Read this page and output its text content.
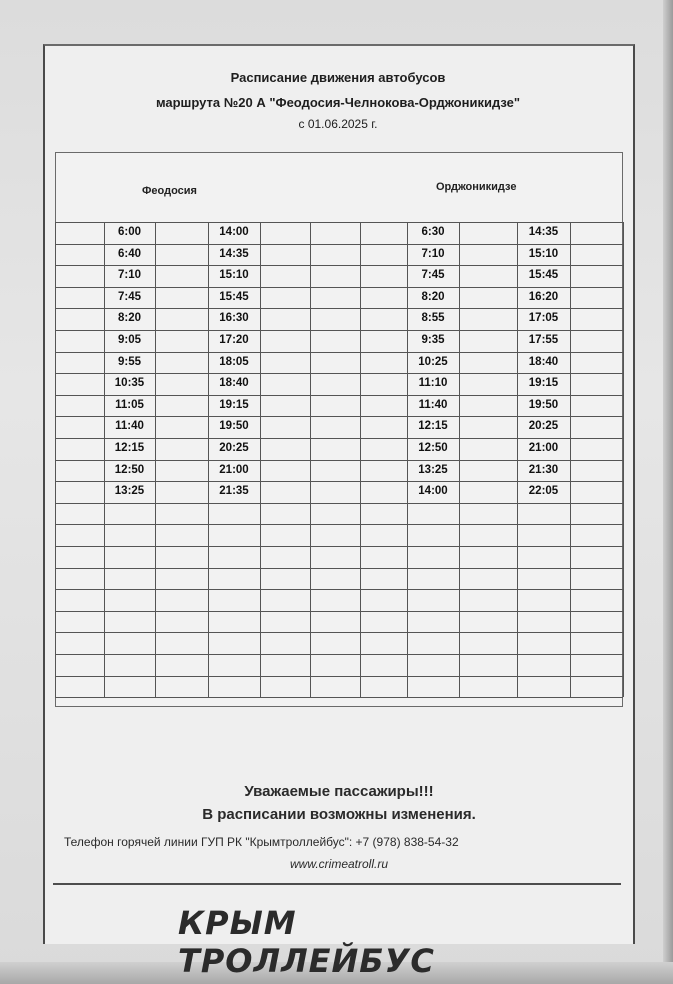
Расписание движения автобусов
маршрута №20 А "Феодосия-Челнокова-Орджоникидзе"
с 01.06.2025 г.
Феодосия	Орджоникидзе
6:00
6:40
7:10
7:45
8:20
9:05
9:55
10:35
11:05
11:40
12:15
12:50
13:25
14:00
14:35
15:10
15:45
16:30
17:20
18:05
18:40
19:15
19:50
20:25
21:00
21:35
6:30
7:10
7:45
8:20
8:55
9:35
10:25
11:10
11:40
12:15
12:50
13:25
14:00
14:35
15:10
15:45
16:20
17:05
17:55
18:40
19:15
19:50
20:25
21:00
21:30
22:05
Уважаемые пассажиры!!!
В расписании возможны изменения.
Телефон горячей линии ГУП РК "Крымтроллейбус": +7 (978) 838-54-32
www.crimeatroll.ru
КРЫМ ТРОЛЛЕЙБУС
